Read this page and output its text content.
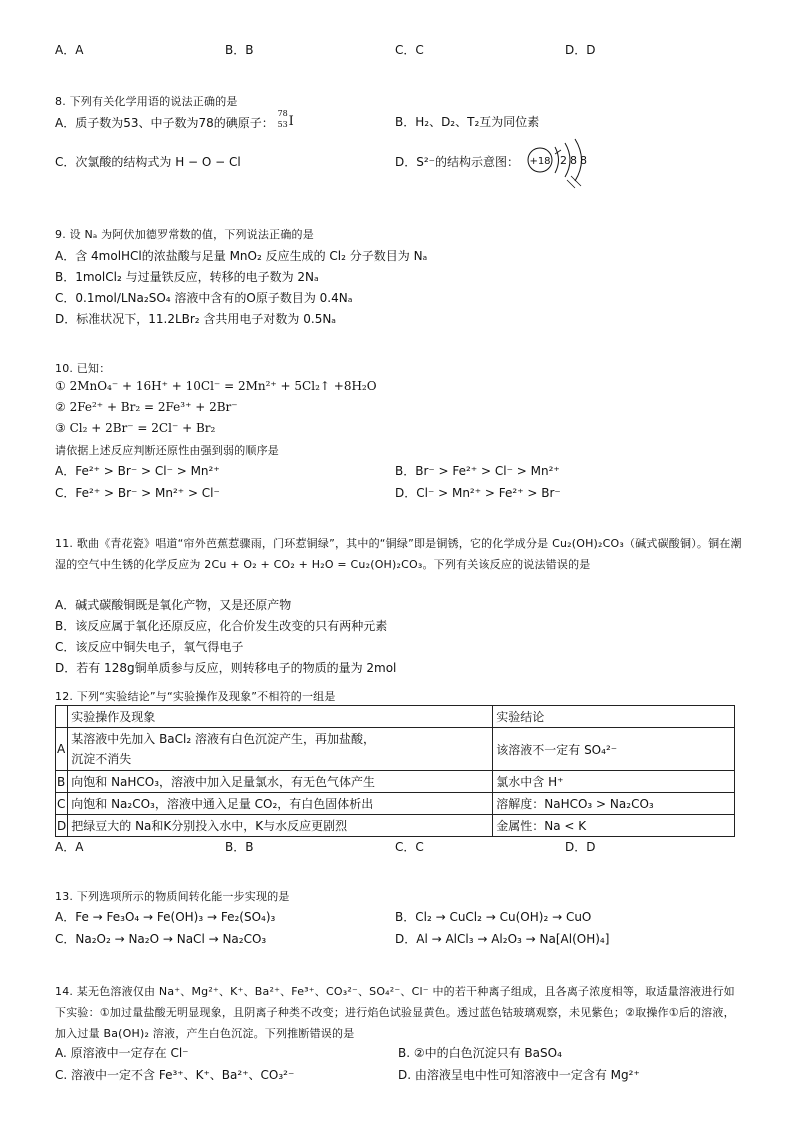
A．A	B．B	C．C	D．D
8. 下列有关化学用语的说法正确的是
A．质子数为53、中子数为78的碘原子：
78
53 I	B．H₂、D₂、T₂互为同位素
C．次氯酸的结构式为 H − O − Cl	D．S²⁻的结构示意图： +18 2 8 8
9. 设 Nₐ 为阿伏加德罗常数的值，下列说法正确的是
A．含 4molHCl的浓盐酸与足量 MnO₂ 反应生成的 Cl₂ 分子数目为 Nₐ
B．1molCl₂ 与过量铁反应，转移的电子数为 2Nₐ
C．0.1mol/LNa₂SO₄ 溶液中含有的O原子数目为 0.4Nₐ
D．标准状况下，11.2LBr₂ 含共用电子对数为 0.5Nₐ
10. 已知：
① 2MnO₄⁻ + 16H⁺ + 10Cl⁻ = 2Mn²⁺ + 5Cl₂↑ +8H₂O
② 2Fe²⁺ + Br₂ = 2Fe³⁺ + 2Br⁻
③ Cl₂ + 2Br⁻ = 2Cl⁻ + Br₂
请依据上述反应判断还原性由强到弱的顺序是
A．Fe²⁺ > Br⁻ > Cl⁻ > Mn²⁺	B．Br⁻ > Fe²⁺ > Cl⁻ > Mn²⁺
C．Fe²⁺ > Br⁻ > Mn²⁺ > Cl⁻	D．Cl⁻ > Mn²⁺ > Fe²⁺ > Br⁻
11. 歌曲《青花瓷》唱道“帘外芭蕉惹骤雨，门环惹铜绿”，其中的“铜绿”即是铜锈，它的化学成分是 Cu₂(OH)₂CO₃（碱式碳酸铜）。铜在潮湿的空气中生锈的化学反应为 2Cu + O₂ + CO₂ + H₂O = Cu₂(OH)₂CO₃。下列有关该反应的说法错误的是
A．碱式碳酸铜既是氧化产物，又是还原产物
B．该反应属于氧化还原反应，化合价发生改变的只有两种元素
C．该反应中铜失电子，氧气得电子
D．若有 128g铜单质参与反应，则转移电子的物质的量为 2mol
12. 下列“实验结论”与“实验操作及现象”不相符的一组是
	实验操作及现象	实验结论
A	某溶液中先加入 BaCl₂ 溶液有白色沉淀产生，再加盐酸，
沉淀不消失	该溶液不一定有 SO₄²⁻
B	向饱和 NaHCO₃，溶液中加入足量氯水，有无色气体产生	氯水中含 H⁺
C	向饱和 Na₂CO₃，溶液中通入足量 CO₂，有白色固体析出	溶解度：NaHCO₃ > Na₂CO₃
D	把绿豆大的 Na和K分别投入水中，K与水反应更剧烈	金属性：Na < K
A．A	B．B	C．C	D．D
13. 下列选项所示的物质间转化能一步实现的是
A．Fe → Fe₃O₄ → Fe(OH)₃ → Fe₂(SO₄)₃	B．Cl₂ → CuCl₂ → Cu(OH)₂ → CuO
C．Na₂O₂ → Na₂O → NaCl → Na₂CO₃	D．Al → AlCl₃ → Al₂O₃ → Na[Al(OH)₄]
14. 某无色溶液仅由 Na⁺、Mg²⁺、K⁺、Ba²⁺、Fe³⁺、CO₃²⁻、SO₄²⁻、Cl⁻ 中的若干种离子组成，且各离子浓度相等，取适量溶液进行如下实验：①加过量盐酸无明显现象，且阴离子种类不改变；进行焰色试验显黄色。透过蓝色钴玻璃观察，未见紫色；②取操作①后的溶液，加入过量 Ba(OH)₂ 溶液，产生白色沉淀。下列推断错误的是
A. 原溶液中一定存在 Cl⁻	B. ②中的白色沉淀只有 BaSO₄
C. 溶液中一定不含 Fe³⁺、K⁺、Ba²⁺、CO₃²⁻	D. 由溶液呈电中性可知溶液中一定含有 Mg²⁺
